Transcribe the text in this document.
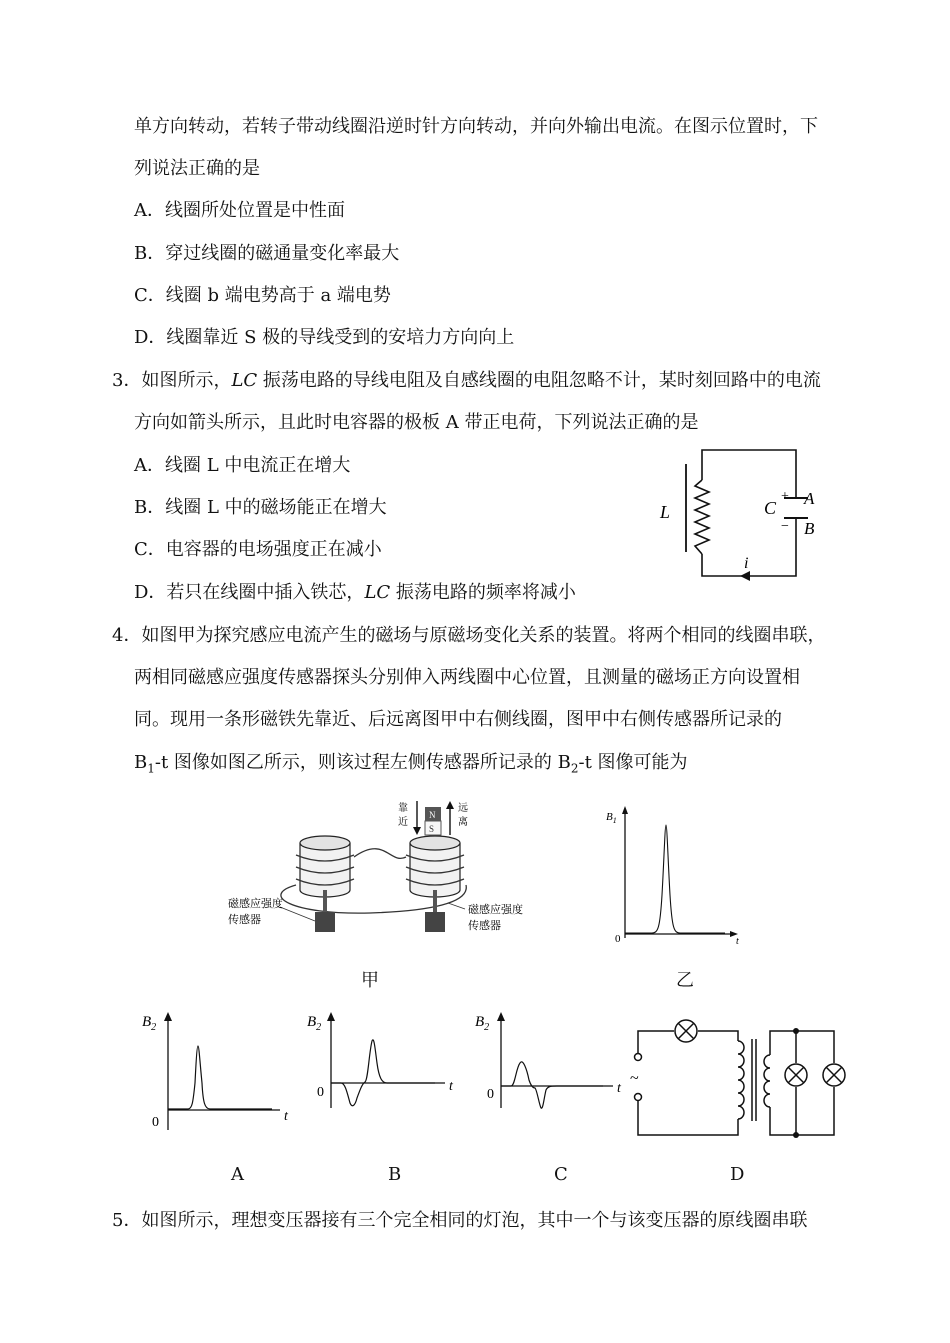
单方向转动，若转子带动线圈沿逆时针方向转动，并向外输出电流。在图示位置时，下
列说法正确的是
A．线圈所处位置是中性面
B．穿过线圈的磁通量变化率最大
C．线圈 b 端电势高于 a 端电势
D．线圈靠近 S 极的导线受到的安培力方向向上
3．如图所示，LC 振荡电路的导线电阻及自感线圈的电阻忽略不计，某时刻回路中的电流
方向如箭头所示，且此时电容器的极板 A 带正电荷，下列说法正确的是
A．线圈 L 中电流正在增大
B．线圈 L 中的磁场能正在增大
C．电容器的电场强度正在减小
D．若只在线圈中插入铁芯，LC 振荡电路的频率将减小
L	C
+
−
A
B
i
4．如图甲为探究感应电流产生的磁场与原磁场变化关系的装置。将两个相同的线圈串联，
两相同磁感应强度传感器探头分别伸入两线圈中心位置，且测量的磁场正方向设置相
同。现用一条形磁铁先靠近、后远离图甲中右侧线圈，图甲中右侧传感器所记录的
$B_1-t$ 图像如图乙所示，则该过程左侧传感器所记录的 $B_2-t$ 图像可能为
N
S
靠
近
远
离
磁感应强度
传感器
磁感应强度
传感器
甲
$B_1$
t
0
乙
$B_2$
t
0
A
$B_2$
t
0
B
$B_2$
t
0
C
~
D
5．如图所示，理想变压器接有三个完全相同的灯泡，其中一个与该变压器的原线圈串联
